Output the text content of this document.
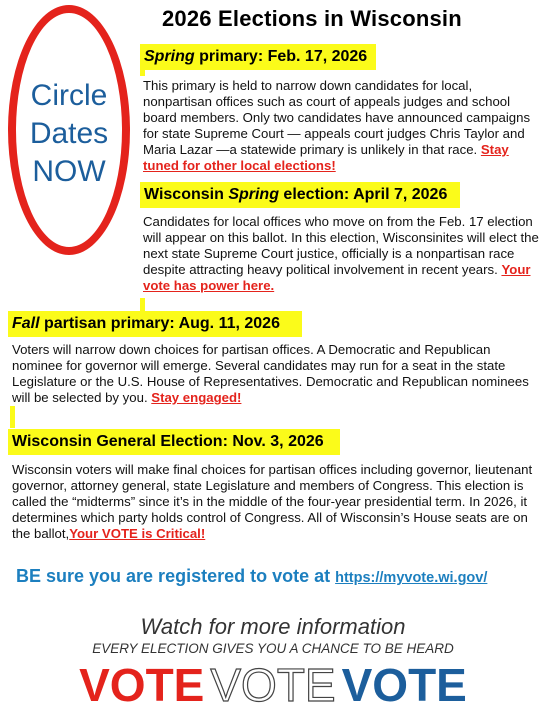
Circle
Dates
NOW
2026 Elections in Wisconsin
Spring primary: Feb. 17, 2026
This primary is held to narrow down candidates for local, nonpartisan offices such as court of appeals judges and school board members. Only two candidates have announced campaigns for state Supreme Court — appeals court judges Chris Taylor and Maria Lazar —a statewide primary is unlikely in that race. Stay tuned for other local elections!
Wisconsin Spring election: April 7, 2026
Candidates for local offices who move on from the Feb. 17 election will appear on this ballot. In this election, Wisconsinites will elect the next state Supreme Court justice, officially is a nonpartisan race despite attracting heavy political involvement in recent years. Your vote has power here.
Fall partisan primary: Aug. 11, 2026
Voters will narrow down choices for partisan offices. A Democratic and Republican nominee for governor will emerge. Several candidates may run for a seat in the state Legislature or the U.S. House of Representatives. Democratic and Republican nominees will be selected by you. Stay engaged!
Wisconsin General Election: Nov. 3, 2026
Wisconsin voters will make final choices for partisan offices including governor, lieutenant governor, attorney general, state Legislature and members of Congress. This election is called the “midterms” since it’s in the middle of the four-year presidential term. In 2026, it determines which party holds control of Congress. All of Wisconsin’s House seats are on the ballot,Your VOTE is Critical!
BE sure you are registered to vote at https://myvote.wi.gov/
Watch for more information
EVERY ELECTION GIVES YOU A CHANCE TO BE HEARD
VOTE VOTE VOTE
